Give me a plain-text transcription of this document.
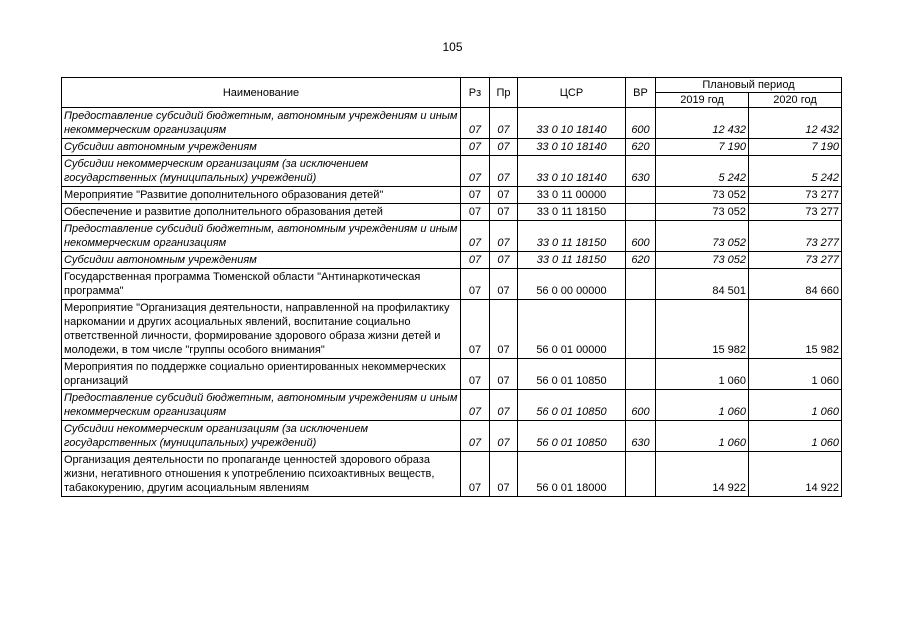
105
Наименование	Рз	Пр	ЦСР	ВР	Плановый период	
					2019 год	2020 год
Предоставление субсидий бюджетным, автономным учреждениям и иным некоммерческим организациям	07	07	33 0 10 18140	600	12 432	12 432
Субсидии автономным учреждениям	07	07	33 0 10 18140	620	7 190	7 190
Субсидии некоммерческим организациям (за исключением государственных (муниципальных) учреждений)	07	07	33 0 10 18140	630	5 242	5 242
Мероприятие "Развитие дополнительного образования детей"	07	07	33 0 11 00000		73 052	73 277
Обеспечение и развитие дополнительного образования детей	07	07	33 0 11 18150		73 052	73 277
Предоставление субсидий бюджетным, автономным учреждениям и иным некоммерческим организациям	07	07	33 0 11 18150	600	73 052	73 277
Субсидии автономным учреждениям	07	07	33 0 11 18150	620	73 052	73 277
Государственная программа Тюменской области "Антинаркотическая программа"	07	07	56 0 00 00000		84 501	84 660
Мероприятие "Организация деятельности, направленной на профилактику наркомании и других асоциальных явлений, воспитание социально ответственной личности, формирование здорового образа жизни детей и молодежи, в том числе "группы особого внимания"	07	07	56 0 01 00000		15 982	15 982
Мероприятия по поддержке социально ориентированных некоммерческих организаций	07	07	56 0 01 10850		1 060	1 060
Предоставление субсидий бюджетным, автономным учреждениям и иным некоммерческим организациям	07	07	56 0 01 10850	600	1 060	1 060
Субсидии некоммерческим организациям (за исключением государственных (муниципальных) учреждений)	07	07	56 0 01 10850	630	1 060	1 060
Организация деятельности по пропаганде ценностей здорового образа жизни, негативного отношения к употреблению психоактивных веществ, табакокурению, другим асоциальным явлениям	07	07	56 0 01 18000		14 922	14 922
